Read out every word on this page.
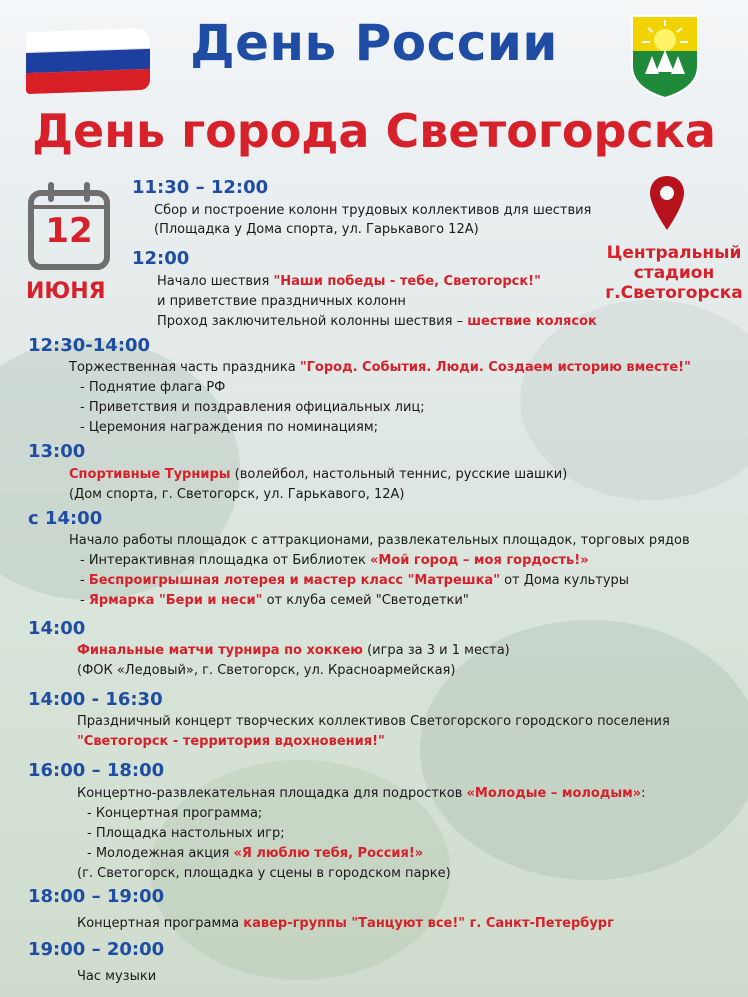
День России
День города Светогорска
12
ИЮНЯ
Центральный
стадион
г.Светогорска
11:30 – 12:00
Сбор и построение колонн трудовых коллективов для шествия
(Площадка у Дома спорта, ул. Гарькавого 12А)
12:00
Начало шествия "Наши победы - тебе, Светогорск!"
и приветствие праздничных колонн
Проход заключительной колонны шествия – шествие колясок
12:30-14:00
Торжественная часть праздника "Город. События. Люди. Создаем историю вместе!"
- Поднятие флага РФ
- Приветствия и поздравления официальных лиц;
- Церемония награждения по номинациям;
13:00
Спортивные Турниры (волейбол, настольный теннис, русские шашки)
(Дом спорта, г. Светогорск, ул. Гарькавого, 12А)
с 14:00
Начало работы площадок с аттракционами, развлекательных площадок, торговых рядов
- Интерактивная площадка от Библиотек «Мой город – моя гордость!»
- Беспроигрышная лотерея и мастер класс "Матрешка" от Дома культуры
- Ярмарка "Бери и неси" от клуба семей "Светодетки"
14:00
Финальные матчи турнира по хоккею (игра за 3 и 1 места)
(ФОК «Ледовый», г. Светогорск, ул. Красноармейская)
14:00 - 16:30
Праздничный концерт творческих коллективов Светогорского городского поселения
"Светогорск - территория вдохновения!"
16:00 – 18:00
Концертно-развлекательная площадка для подростков «Молодые – молодым»:
- Концертная программа;
- Площадка настольных игр;
- Молодежная акция «Я люблю тебя, Россия!»
(г. Светогорск, площадка у сцены в городском парке)
18:00 – 19:00
Концертная программа кавер-группы "Танцуют все!" г. Санкт-Петербург
19:00 – 20:00
Час музыки
